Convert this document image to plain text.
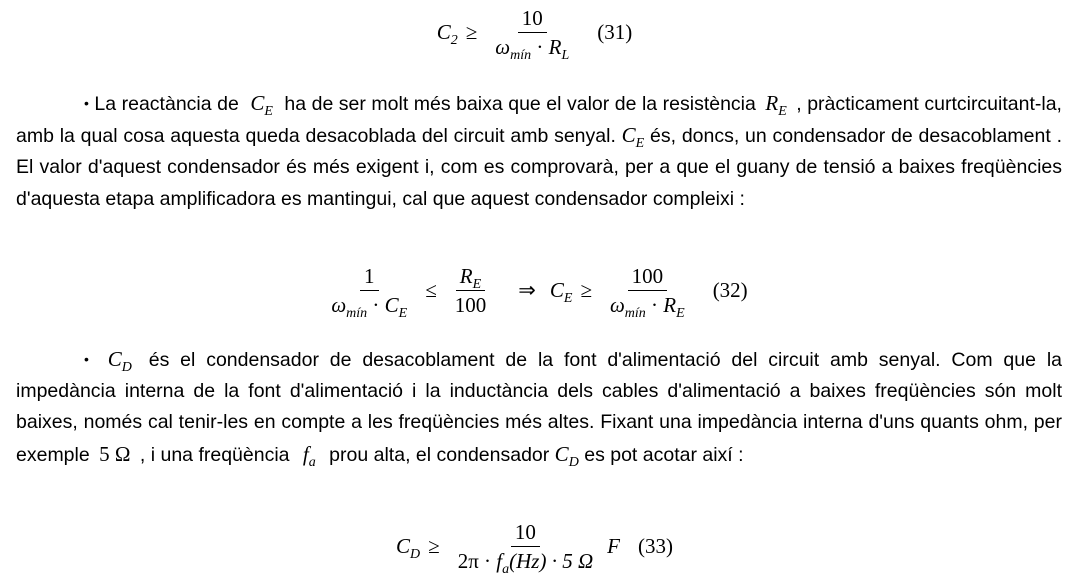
$C_2 \ge \frac{10}{\omega_{mín} \cdot R_L} (31)$
• La reactància de $C_E$ ha de ser molt més baixa que el valor de la resistència $R_E$ , pràcticament curtcircuitant-la, amb la qual cosa aquesta queda desacoblada del circuit amb senyal. $C_E$ és, doncs, un condensador de desacoblament . El valor d'aquest condensador és més exigent i, com es comprovarà, per a que el guany de tensió a baixes freqüències d'aquesta etapa amplificadora es mantingui, cal que aquest condensador compleixi :
$\frac{1}{\omega_{mín} \cdot C_E} \le \frac{R_E}{100}$ ⇒ $C_E \ge \frac{100}{\omega_{mín} \cdot R_E} (32)$
• $C_D$ és el condensador de desacoblament de la font d'alimentació del circuit amb senyal. Com que la impedància interna de la font d'alimentació i la inductància dels cables d'alimentació a baixes freqüències són molt baixes, només cal tenir-les en compte a les freqüències més altes. Fixant una impedància interna d'uns quants ohm, per exemple 5 Ω , i una freqüència $f_a$ prou alta, el condensador $C_D$ es pot acotar així :
$C_D \ge \frac{10}{2\pi \cdot f_a(Hz) \cdot 5 \Omega}$ F (33)
